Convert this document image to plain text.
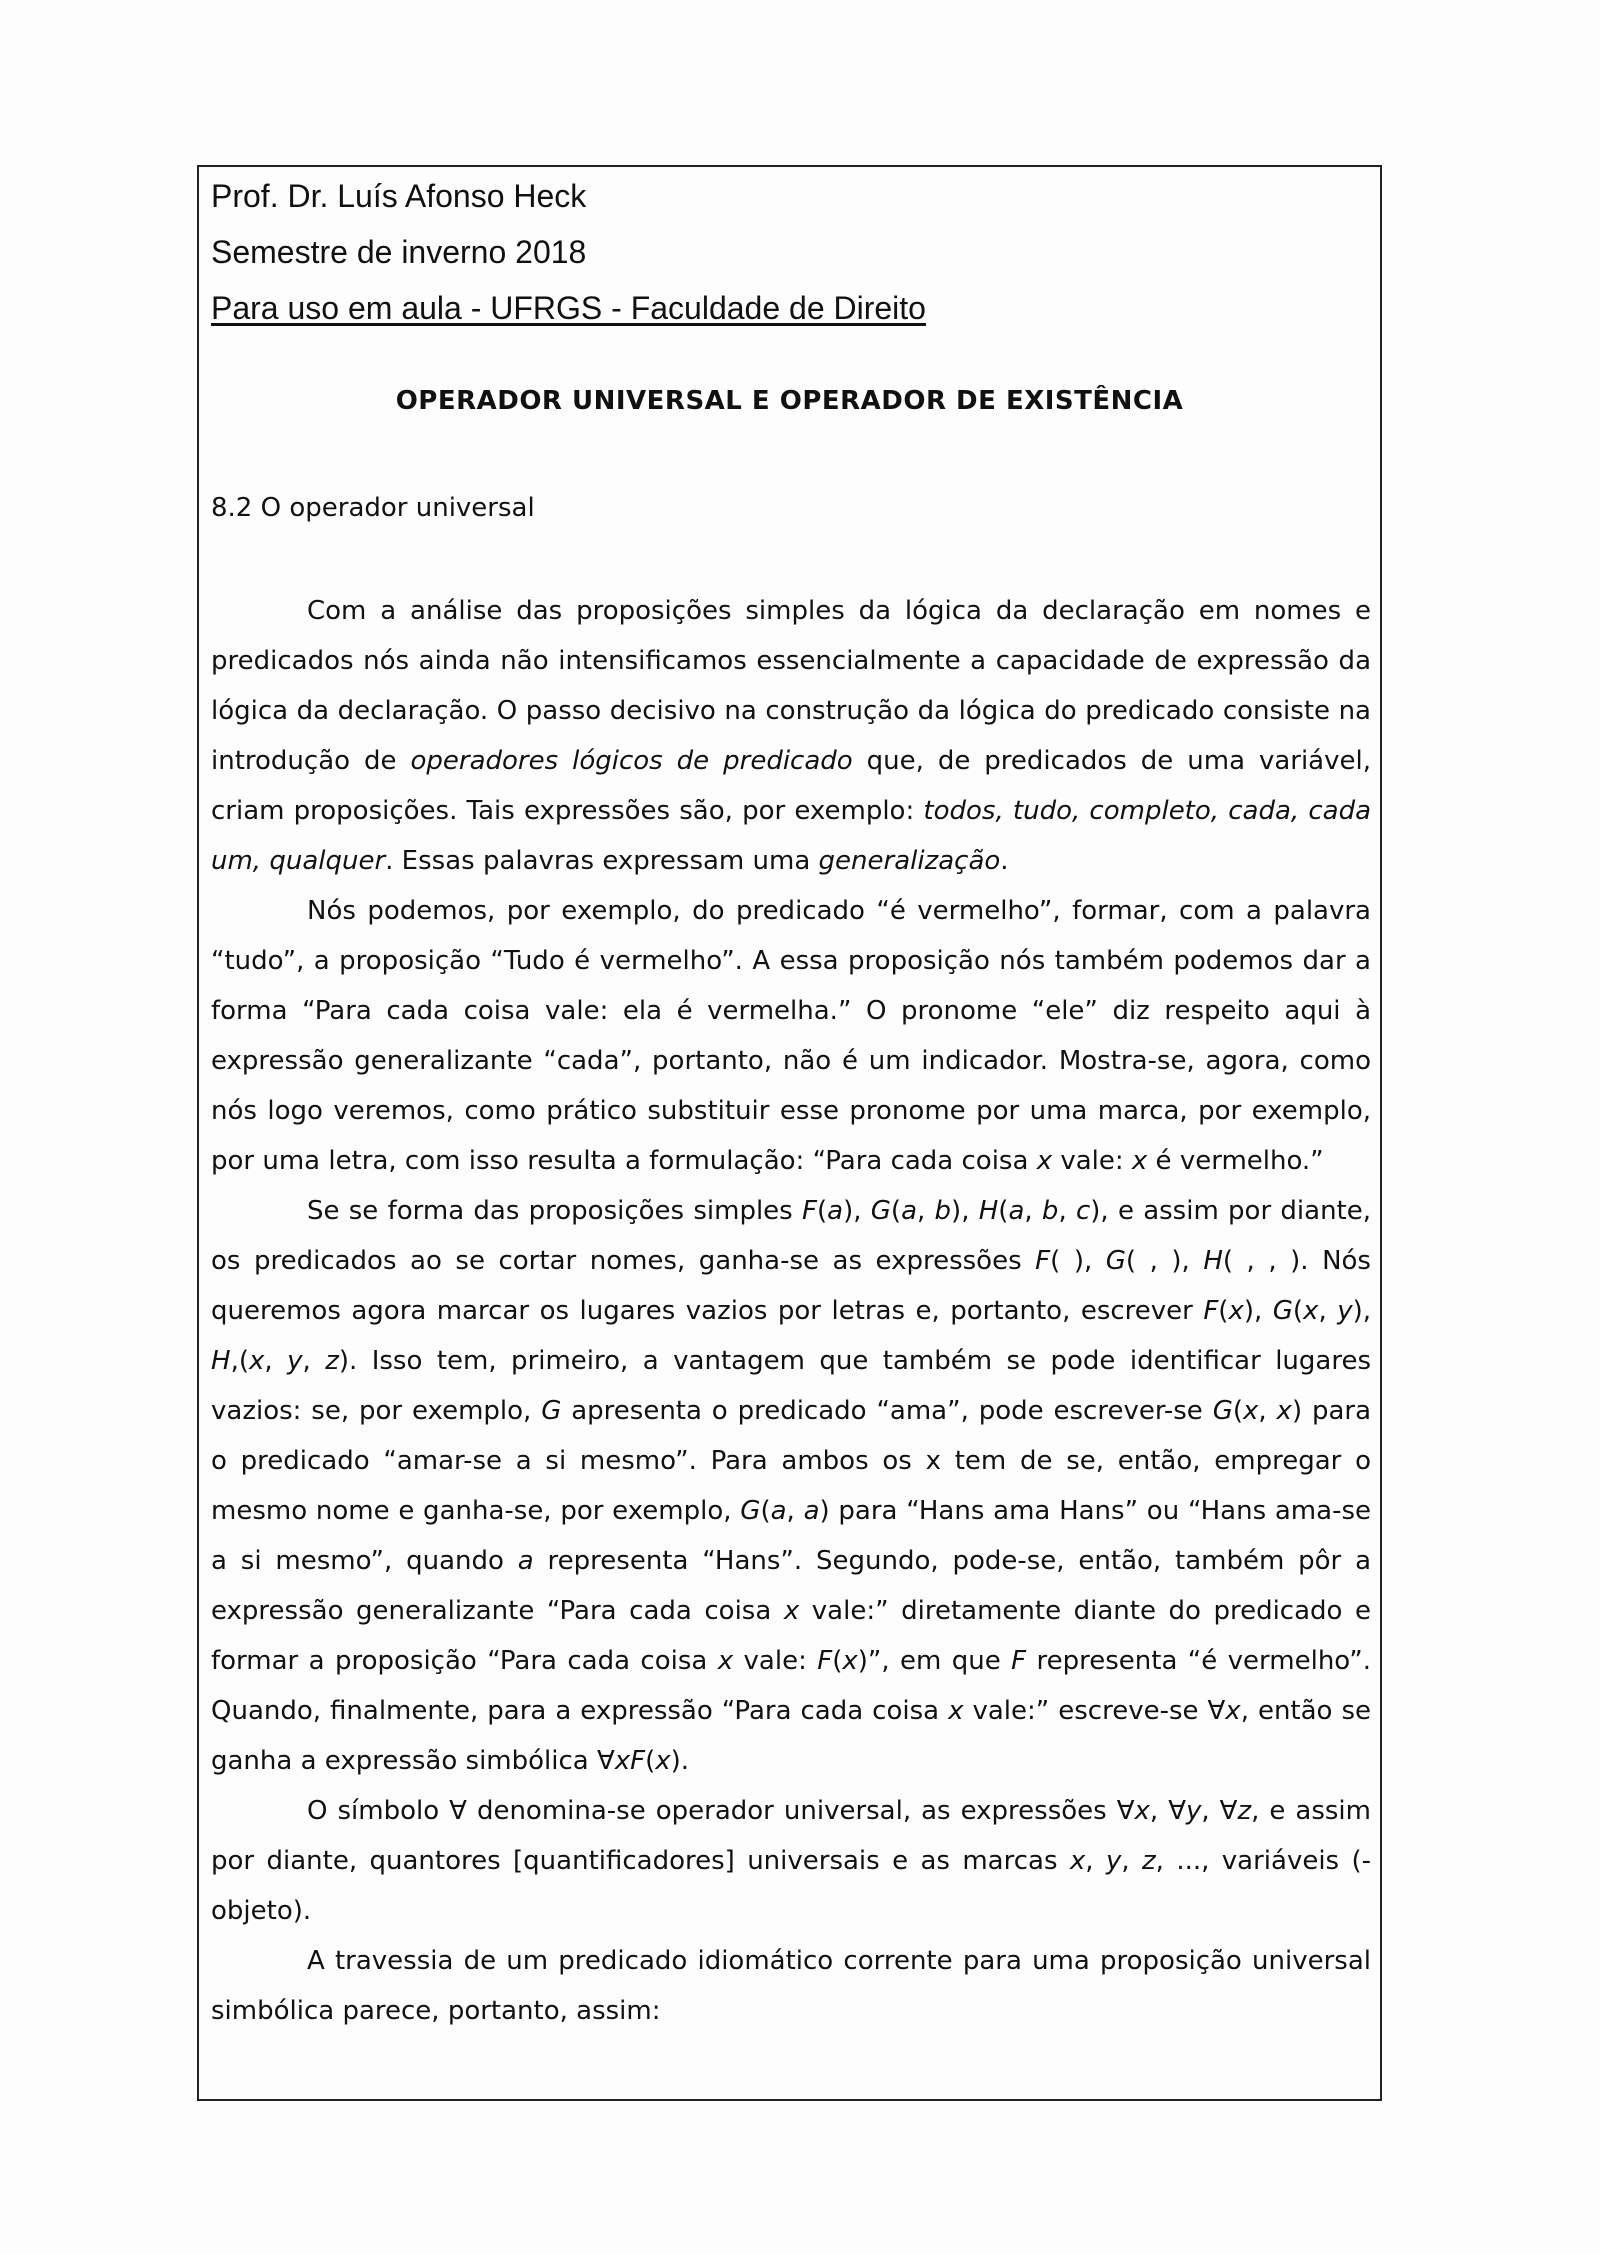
Prof. Dr. Luís Afonso Heck
Semestre de inverno 2018
Para uso em aula - UFRGS - Faculdade de Direito
OPERADOR UNIVERSAL E OPERADOR DE EXISTÊNCIA
8.2 O operador universal

Com a análise das proposições simples da lógica da declaração em nomes e predicados nós ainda não intensificamos essencialmente a capacidade de expressão da lógica da declaração. O passo decisivo na construção da lógica do predicado consiste na introdução de operadores lógicos de predicado que, de predicados de uma variável, criam proposições. Tais expressões são, por exemplo: todos, tudo, completo, cada, cada um, qualquer. Essas palavras expressam uma generalização.

Nós podemos, por exemplo, do predicado “é vermelho”, formar, com a palavra “tudo”, a proposição “Tudo é vermelho”. A essa proposição nós também podemos dar a forma “Para cada coisa vale: ela é vermelha.” O pronome “ele” diz respeito aqui à expressão generalizante “cada”, portanto, não é um indicador. Mostra-se, agora, como nós logo veremos, como prático substituir esse pronome por uma marca, por exemplo, por uma letra, com isso resulta a formulação: “Para cada coisa x vale: x é vermelho.”

Se se forma das proposições simples F(a), G(a, b), H(a, b, c), e assim por diante, os predicados ao se cortar nomes, ganha-se as expressões F( ), G( , ), H( , , ). Nós queremos agora marcar os lugares vazios por letras e, portanto, escrever F(x), G(x, y), H,(x, y, z). Isso tem, primeiro, a vantagem que também se pode identificar lugares vazios: se, por exemplo, G apresenta o predicado “ama”, pode escrever-se G(x, x) para o predicado “amar-se a si mesmo”. Para ambos os x tem de se, então, empregar o mesmo nome e ganha-se, por exemplo, G(a, a) para “Hans ama Hans” ou “Hans ama-se a si mesmo”, quando a representa “Hans”. Segundo, pode-se, então, também pôr a expressão generalizante “Para cada coisa x vale:” diretamente diante do predicado e formar a proposição “Para cada coisa x vale: F(x)”, em que F representa “é vermelho”. Quando, finalmente, para a expressão “Para cada coisa x vale:” escreve-se ∀x, então se ganha a expressão simbólica ∀xF(x).

O símbolo ∀ denomina-se operador universal, as expressões ∀x, ∀y, ∀z, e assim por diante, quantores [quantificadores] universais e as marcas x, y, z, ..., variáveis (-objeto).

A travessia de um predicado idiomático corrente para uma proposição universal simbólica parece, portanto, assim:
